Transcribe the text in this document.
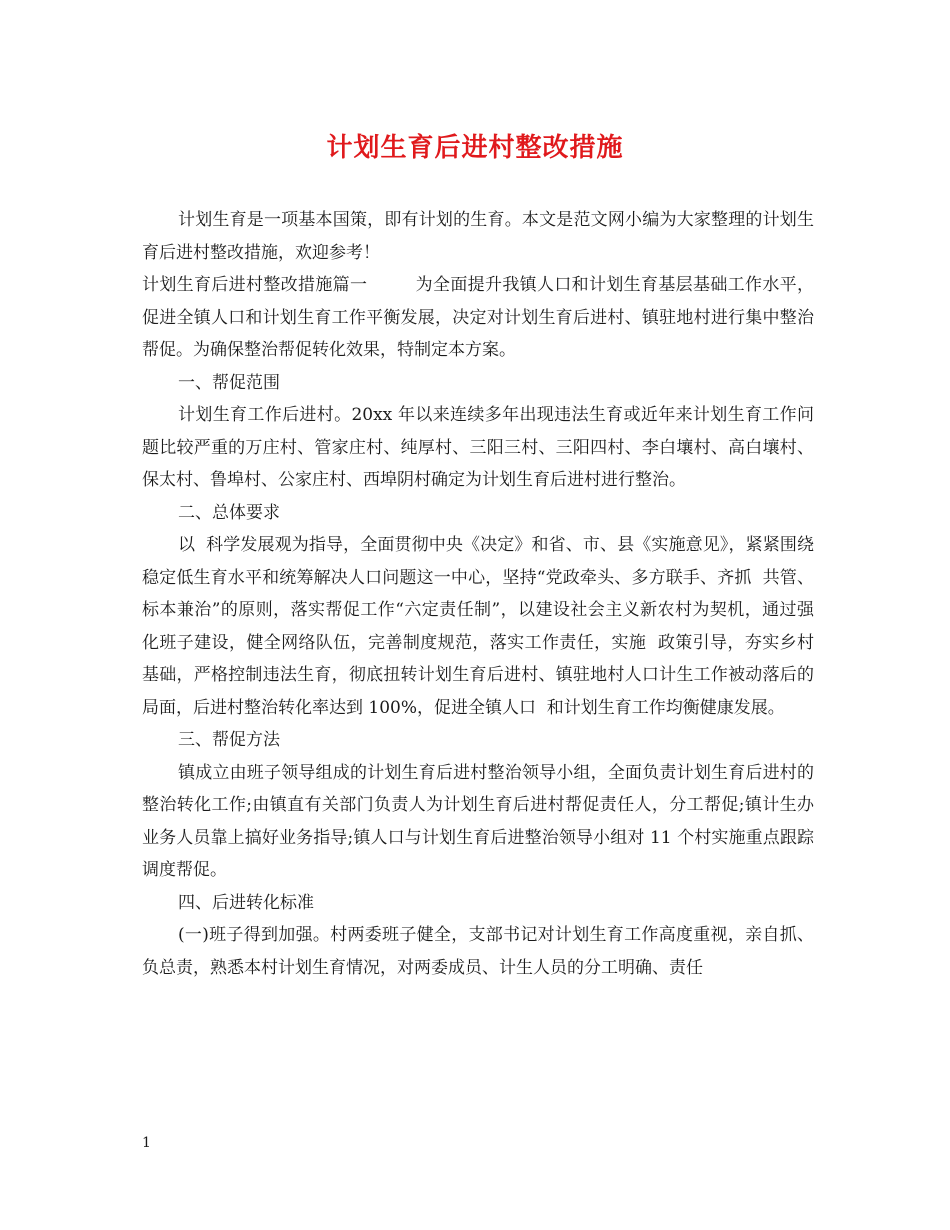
计划生育后进村整改措施

计划生育是一项基本国策，即有计划的生育。本文是范文网小编为大家整理的计划生育后进村整改措施，欢迎参考！

计划生育后进村整改措施篇一	为全面提升我镇人口和计划生育基层基础工作水平，促进全镇人口和计划生育工作平衡发展，决定对计划生育后进村、镇驻地村进行集中整治帮促。为确保整治帮促转化效果，特制定本方案。

一、帮促范围

计划生育工作后进村。20xx 年以来连续多年出现违法生育或近年来计划生育工作问题比较严重的万庄村、管家庄村、纯厚村、三阳三村、三阳四村、李白壤村、高白壤村、保太村、鲁埠村、公家庄村、西埠阴村确定为计划生育后进村进行整治。

二、总体要求

以  科学发展观为指导，全面贯彻中央《决定》和省、市、县《实施意见》，紧紧围绕稳定低生育水平和统筹解决人口问题这一中心，坚持“党政牵头、多方联手、齐抓  共管、标本兼治”的原则，落实帮促工作“六定责任制”，以建设社会主义新农村为契机，通过强化班子建设，健全网络队伍，完善制度规范，落实工作责任，实施  政策引导，夯实乡村基础，严格控制违法生育，彻底扭转计划生育后进村、镇驻地村人口计生工作被动落后的局面，后进村整治转化率达到 100%，促进全镇人口  和计划生育工作均衡健康发展。

三、帮促方法

镇成立由班子领导组成的计划生育后进村整治领导小组，全面负责计划生育后进村的整治转化工作;由镇直有关部门负责人为计划生育后进村帮促责任人，分工帮促;镇计生办业务人员靠上搞好业务指导;镇人口与计划生育后进整治领导小组对 11 个村实施重点跟踪调度帮促。

四、后进转化标准

(一)班子得到加强。村两委班子健全，支部书记对计划生育工作高度重视，亲自抓、负总责，熟悉本村计划生育情况，对两委成员、计生人员的分工明确、责任

1
